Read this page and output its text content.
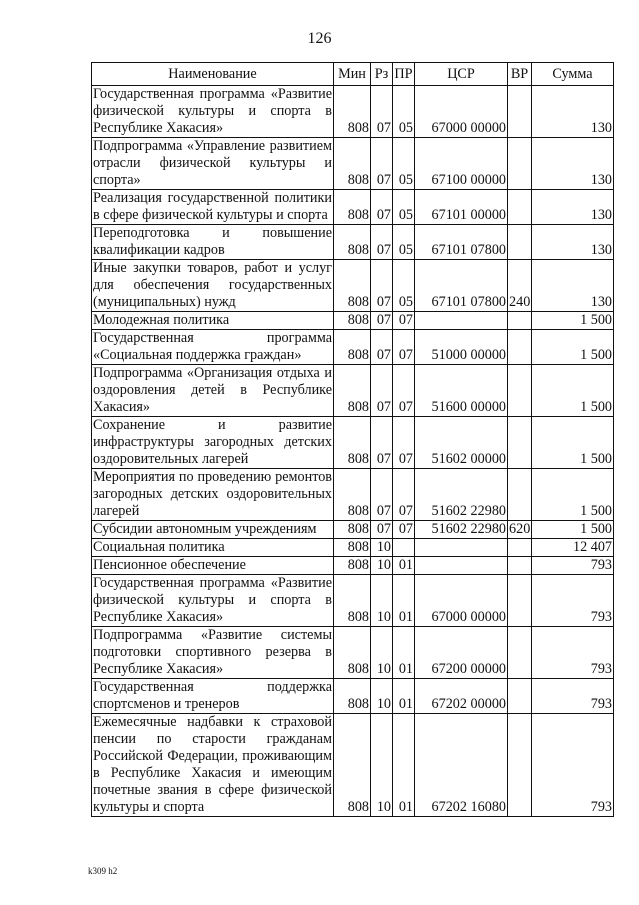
126
Наименование	Мин	Рз	ПР	ЦСР	ВР	Сумма
Государственная программа «Развитие физической культуры и спорта в Республике Хакасия»	808	07	05	67000 00000		130
Подпрограмма «Управление развитием отрасли физической культуры и спорта»	808	07	05	67100 00000		130
Реализация государственной политики в сфере физической культуры и спорта	808	07	05	67101 00000		130
Переподготовка и повышение квалификации кадров	808	07	05	67101 07800		130
Иные закупки товаров, работ и услуг для обеспечения государственных (муниципальных) нужд	808	07	05	67101 07800	240	130
Молодежная политика	808	07	07			1 500
Государственная программа «Социальная поддержка граждан»	808	07	07	51000 00000		1 500
Подпрограмма «Организация отдыха и оздоровления детей в Республике Хакасия»	808	07	07	51600 00000		1 500
Сохранение и развитие инфраструктуры загородных детских оздоровительных лагерей	808	07	07	51602 00000		1 500
Мероприятия по проведению ремонтов загородных детских оздоровительных лагерей	808	07	07	51602 22980		1 500
Субсидии автономным учреждениям	808	07	07	51602 22980	620	1 500
Социальная политика	808	10				12 407
Пенсионное обеспечение	808	10	01			793
Государственная программа «Развитие физической культуры и спорта в Республике Хакасия»	808	10	01	67000 00000		793
Подпрограмма «Развитие системы подготовки спортивного резерва в Республике Хакасия»	808	10	01	67200 00000		793
Государственная поддержка спортсменов и тренеров	808	10	01	67202 00000		793
Ежемесячные надбавки к страховой пенсии по старости гражданам Российской Федерации, проживающим в Республике Хакасия и имеющим почетные звания в сфере физической культуры и спорта	808	10	01	67202 16080		793
k309 h2
